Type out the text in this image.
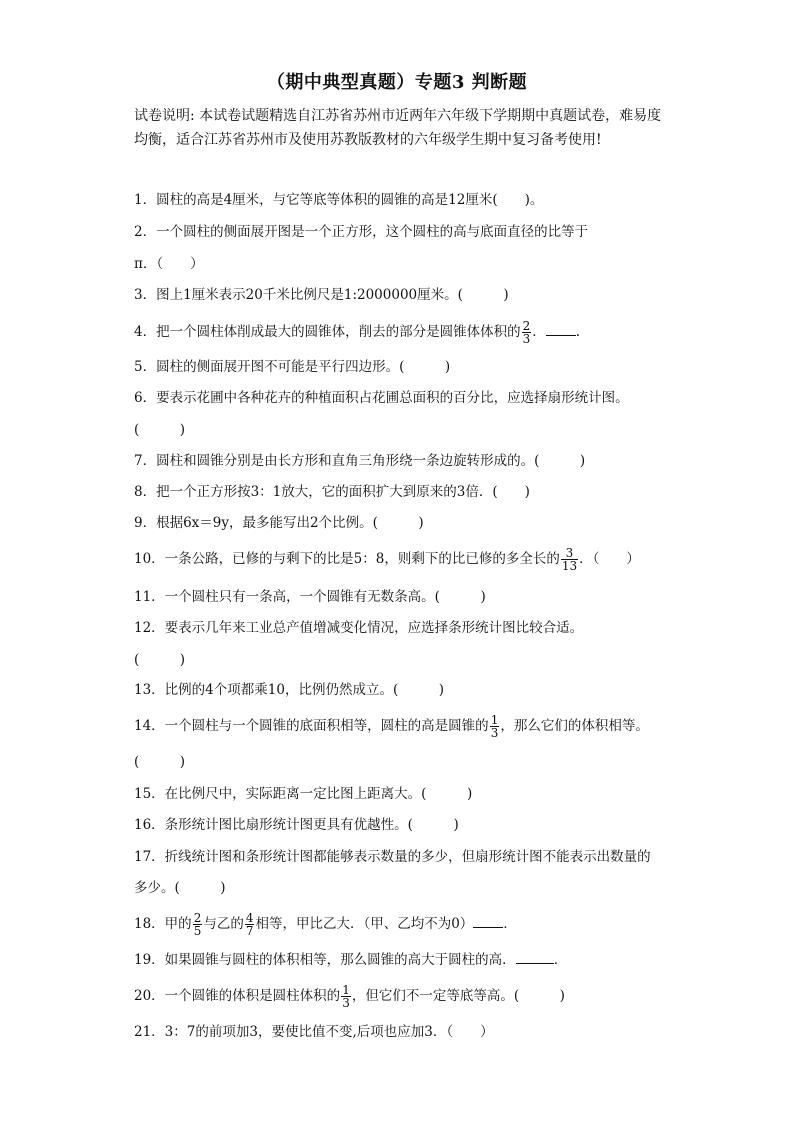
（期中典型真题）专题3 判断题
试卷说明: 本试卷试题精选自江苏省苏州市近两年六年级下学期期中真题试卷，难易度均衡，适合江苏省苏州市及使用苏教版教材的六年级学生期中复习备考使用!
1．圆柱的高是4厘米，与它等底等体积的圆锥的高是12厘米(　　)。
2．一个圆柱的侧面展开图是一个正方形，这个圆柱的高与底面直径的比等于
π．（　　）
3．图上1厘米表示20千米比例尺是1:2000000厘米。(　　　)
4．把一个圆柱体削成最大的圆锥体，削去的部分是圆锥体体积的 $\frac{2}{3}$ ． .
5．圆柱的侧面展开图不可能是平行四边形。(　　　)
6．要表示花圃中各种花卉的种植面积占花圃总面积的百分比，应选择扇形统计图。
(　　　)
7．圆柱和圆锥分别是由长方形和直角三角形绕一条边旋转形成的。(　　　)
8．把一个正方形按3：1放大，它的面积扩大到原来的3倍．(　　)
9．根据6x＝9y，最多能写出2个比例。(　　　)
10．一条公路，已修的与剩下的比是5：8，则剩下的比已修的多全长的 $\frac{3}{13}$ ．（　　）
11．一个圆柱只有一条高，一个圆锥有无数条高。(　　　)
12．要表示几年来工业总产值增减变化情况，应选择条形统计图比较合适。
(　　　)
13．比例的4个项都乘10，比例仍然成立。(　　　)
14．一个圆柱与一个圆锥的底面积相等，圆柱的高是圆锥的 $\frac{1}{3}$ ，那么它们的体积相等。
(　　　)
15．在比例尺中，实际距离一定比图上距离大。(　　　)
16．条形统计图比扇形统计图更具有优越性。(　　　)
17．折线统计图和条形统计图都能够表示数量的多少，但扇形统计图不能表示出数量的
多少。(　　　)
18．甲的 $\frac{2}{5}$ 与乙的 $\frac{4}{7}$ 相等，甲比乙大．（甲、乙均不为0） ．
19．如果圆锥与圆柱的体积相等，那么圆锥的高大于圆柱的高．	．
20．一个圆锥的体积是圆柱体积的 $\frac{1}{3}$ ，但它们不一定等底等高。(　　　)
21．3：7的前项加3，要使比值不变,后项也应加3．（　　）
